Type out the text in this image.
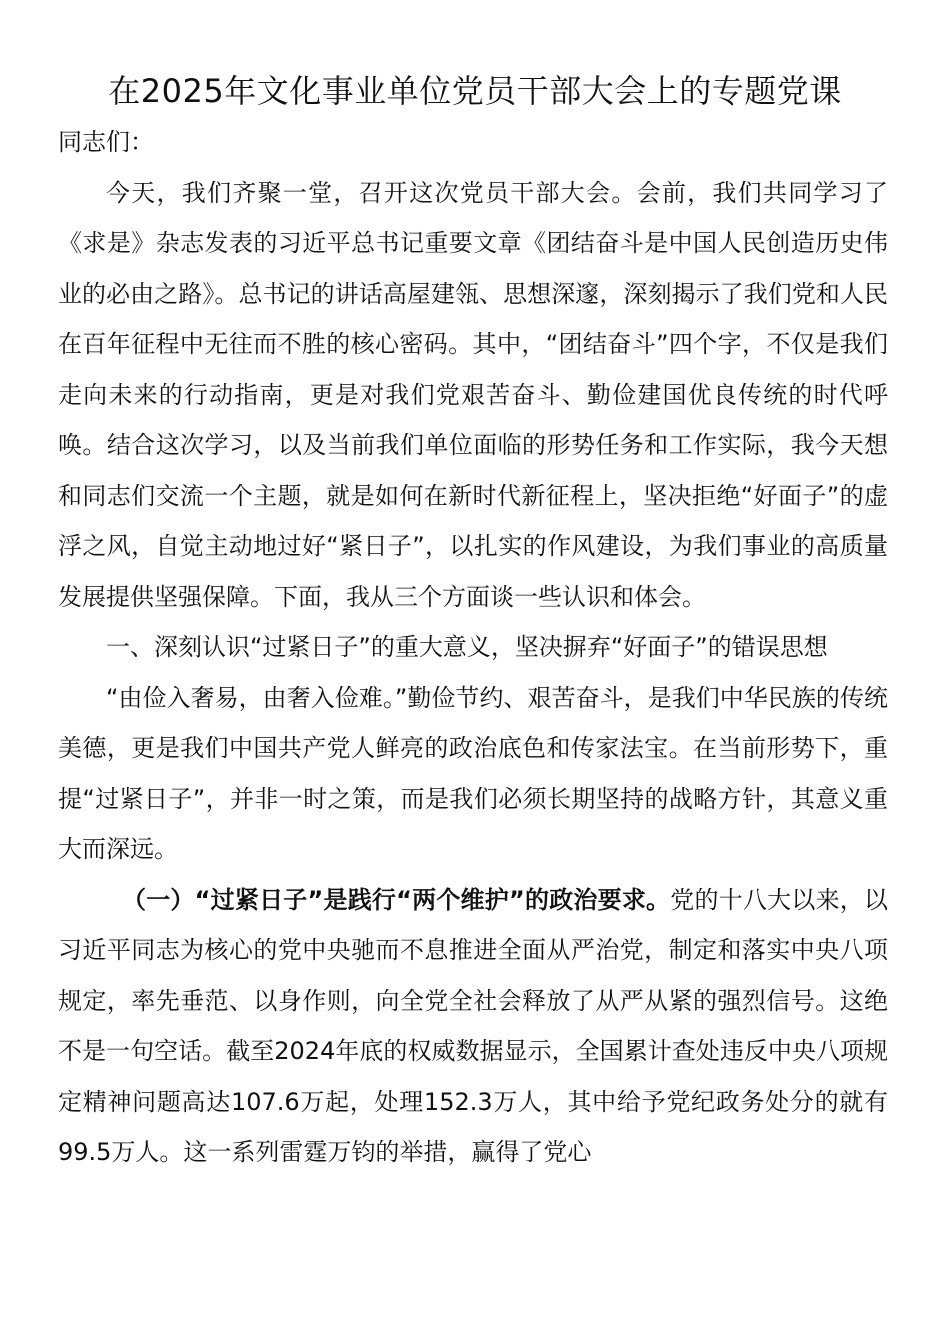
在2025年文化事业单位党员干部大会上的专题党课

同志们：

今天，我们齐聚一堂，召开这次党员干部大会。会前，我们共同学习了《求是》杂志发表的习近平总书记重要文章《团结奋斗是中国人民创造历史伟业的必由之路》。总书记的讲话高屋建瓴、思想深邃，深刻揭示了我们党和人民在百年征程中无往而不胜的核心密码。其中，“团结奋斗”四个字，不仅是我们走向未来的行动指南，更是对我们党艰苦奋斗、勤俭建国优良传统的时代呼唤。结合这次学习，以及当前我们单位面临的形势任务和工作实际，我今天想和同志们交流一个主题，就是如何在新时代新征程上，坚决拒绝“好面子”的虚浮之风，自觉主动地过好“紧日子”，以扎实的作风建设，为我们事业的高质量发展提供坚强保障。下面，我从三个方面谈一些认识和体会。

一、深刻认识“过紧日子”的重大意义，坚决摒弃“好面子”的错误思想

“由俭入奢易，由奢入俭难。”勤俭节约、艰苦奋斗，是我们中华民族的传统美德，更是我们中国共产党人鲜亮的政治底色和传家法宝。在当前形势下，重提“过紧日子”，并非一时之策，而是我们必须长期坚持的战略方针，其意义重大而深远。

（一）“过紧日子”是践行“两个维护”的政治要求。党的十八大以来，以习近平同志为核心的党中央驰而不息推进全面从严治党，制定和落实中央八项规定，率先垂范、以身作则，向全党全社会释放了从严从紧的强烈信号。这绝不是一句空话。截至2024年底的权威数据显示，全国累计查处违反中央八项规定精神问题高达107.6万起，处理152.3万人，其中给予党纪政务处分的就有99.5万人。这一系列雷霆万钧的举措，赢得了党心
